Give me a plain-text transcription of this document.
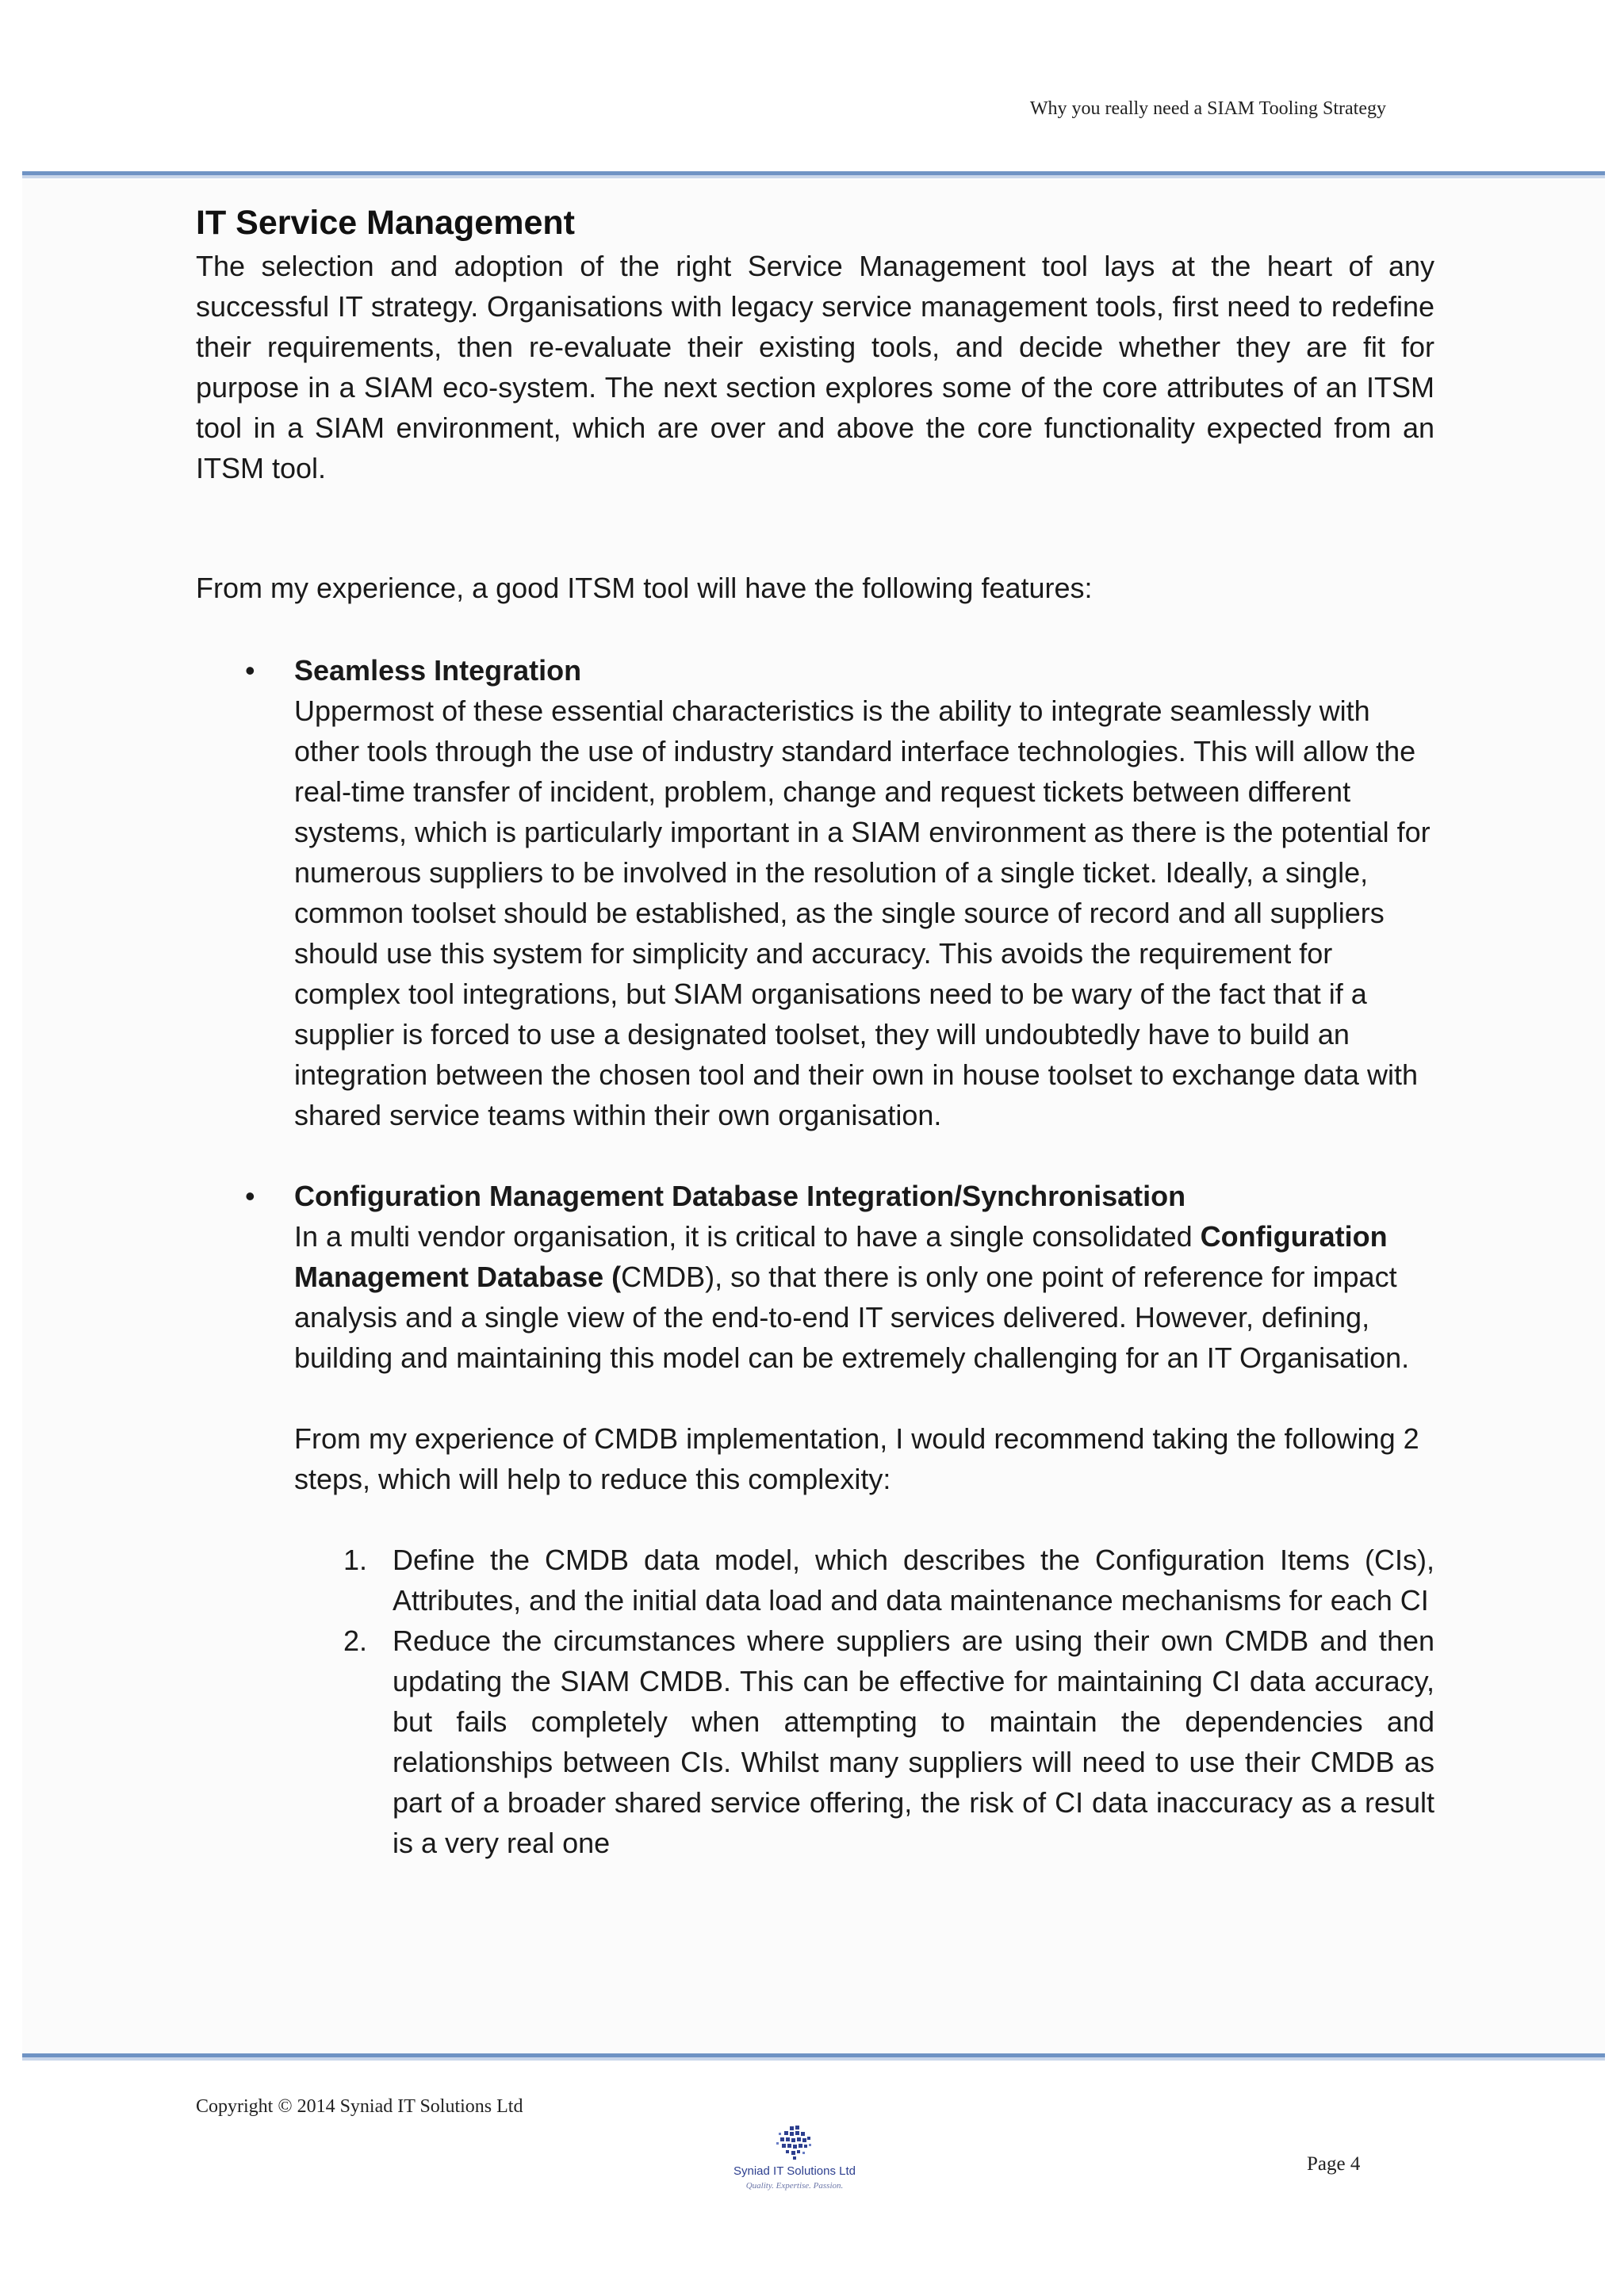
Why you really need a SIAM Tooling Strategy
IT Service Management

The selection and adoption of the right Service Management tool lays at the heart of any successful IT strategy. Organisations with legacy service management tools, first need to redefine their requirements, then re-evaluate their existing tools, and decide whether they are fit for purpose in a SIAM eco-system. The next section explores some of the core attributes of an ITSM tool in a SIAM environment, which are over and above the core functionality expected from an ITSM tool.

From my experience, a good ITSM tool will have the following features:

• Seamless Integration

Uppermost of these essential characteristics is the ability to integrate seamlessly with other tools through the use of industry standard interface technologies. This will allow the real-time transfer of incident, problem, change and request tickets between different systems, which is particularly important in a SIAM environment as there is the potential for numerous suppliers to be involved in the resolution of a single ticket. Ideally, a single, common toolset should be established, as the single source of record and all suppliers should use this system for simplicity and accuracy. This avoids the requirement for complex tool integrations, but SIAM organisations need to be wary of the fact that if a supplier is forced to use a designated toolset, they will undoubtedly have to build an integration between the chosen tool and their own in house toolset to exchange data with shared service teams within their own organisation.

• Configuration Management Database Integration/Synchronisation

In a multi vendor organisation, it is critical to have a single consolidated Configuration Management Database (CMDB), so that there is only one point of reference for impact analysis and a single view of the end-to-end IT services delivered. However, defining, building and maintaining this model can be extremely challenging for an IT Organisation.

From my experience of CMDB implementation, I would recommend taking the following 2 steps, which will help to reduce this complexity:

1. Define the CMDB data model, which describes the Configuration Items (CIs), Attributes, and the initial data load and data maintenance mechanisms for each CI
2. Reduce the circumstances where suppliers are using their own CMDB and then updating the SIAM CMDB. This can be effective for maintaining CI data accuracy, but fails completely when attempting to maintain the dependencies and relationships between CIs. Whilst many suppliers will need to use their CMDB as part of a broader shared service offering, the risk of CI data inaccuracy as a result is a very real one
Copyright © 2014 Syniad IT Solutions Ltd
Syniad IT Solutions Ltd
Quality. Expertise. Passion.
Page 4
